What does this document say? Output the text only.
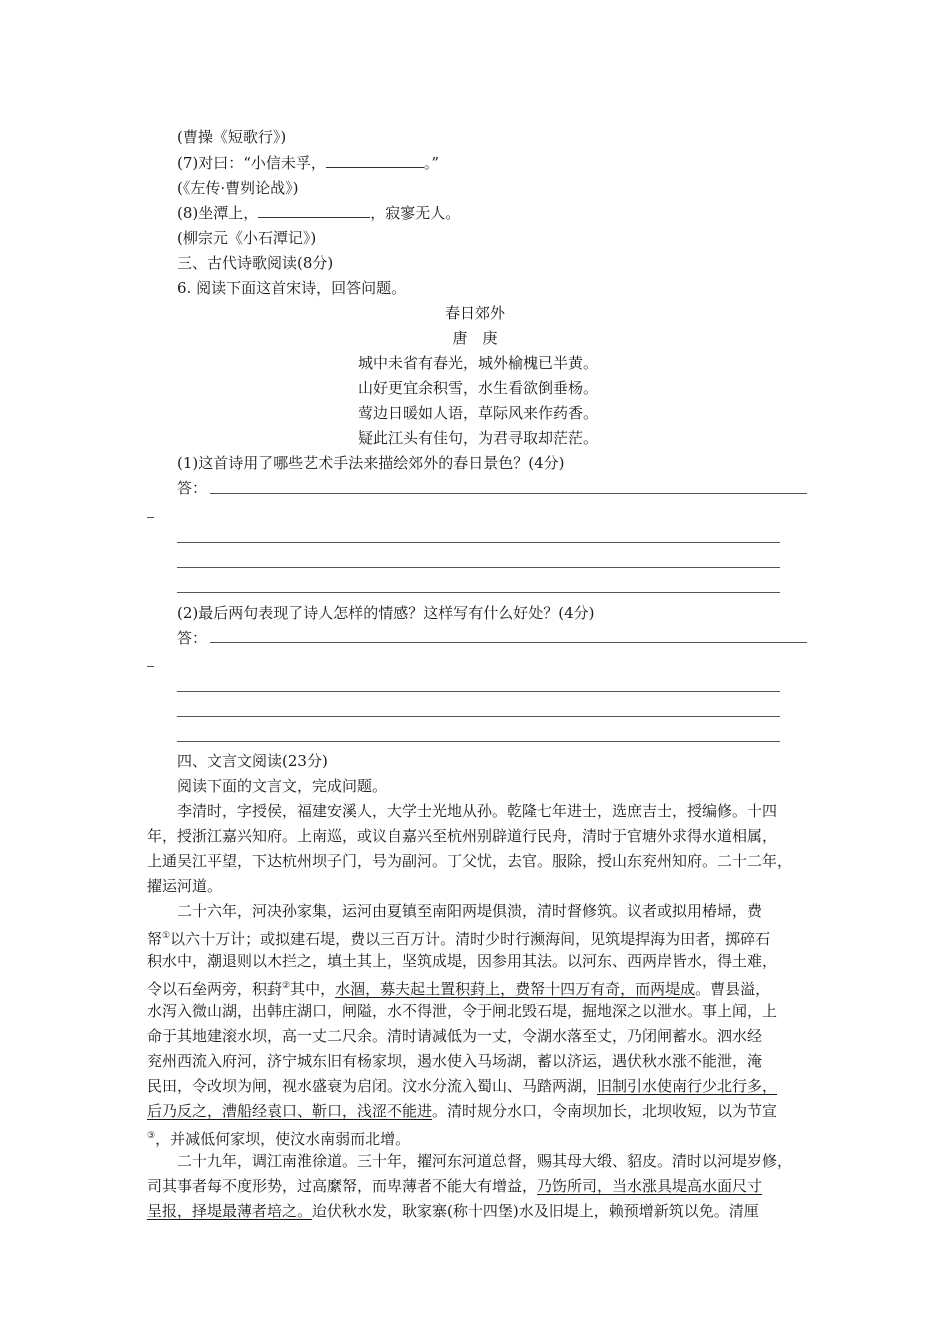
(曹操《短歌行》)
(7)对曰：“小信未孚，	。”
(《左传·曹刿论战》)
(8)坐潭上，	，寂寥无人。
(柳宗元《小石潭记》)
三、古代诗歌阅读(8分)
6. 阅读下面这首宋诗，回答问题。
春日郊外
唐　庚
城中未省有春光，城外榆槐已半黄。
山好更宜余积雪，水生看欲倒垂杨。
莺边日暖如人语，草际风来作药香。
疑此江头有佳句，为君寻取却茫茫。
(1)这首诗用了哪些艺术手法来描绘郊外的春日景色？(4分)
答：
(2)最后两句表现了诗人怎样的情感？这样写有什么好处？(4分)
答：
四、文言文阅读(23分)
阅读下面的文言文，完成问题。
李清时，字授侯，福建安溪人，大学士光地从孙。乾隆七年进士，选庶吉士，授编修。十四
年，授浙江嘉兴知府。上南巡，或议自嘉兴至杭州别辟道行民舟，清时于官塘外求得水道相属，
上通吴江平望，下达杭州坝子门，号为副河。丁父忧，去官。服除，授山东兖州知府。二十二年，
擢运河道。
二十六年，河决孙家集，运河由夏镇至南阳两堤俱溃，清时督修筑。议者或拟用椿埽，费
帑①以六十万计；或拟建石堤，费以三百万计。清时少时行濒海间，见筑堤捍海为田者，掷碎石
积水中，潮退则以木拦之，填土其上，坚筑成堤，因参用其法。以河东、西两岸皆水，得土难，
令以石垒两旁，积葑②其中，水涸，募夫起土置积葑上，费帑十四万有奇，而两堤成。曹县溢，
水泻入微山湖，出韩庄湖口，闸隘，水不得泄，令于闸北毁石堤，掘地深之以泄水。事上闻，上
命于其地建滚水坝，高一丈二尺余。清时请减低为一丈，令湖水落至丈，乃闭闸蓄水。泗水经
兖州西流入府河，济宁城东旧有杨家坝，遏水使入马场湖，蓄以济运，遇伏秋水涨不能泄，淹
民田，令改坝为闸，视水盛衰为启闭。汶水分流入蜀山、马踏两湖，旧制引水使南行少北行多，
后乃反之，漕船经袁口、靳口，浅涩不能进。清时规分水口，令南坝加长，北坝收短，以为节宣
③，并减低何家坝，使汶水南弱而北增。
二十九年，调江南淮徐道。三十年，擢河东河道总督，赐其母大缎、貂皮。清时以河堤岁修，
司其事者每不度形势，过高縻帑，而卑薄者不能大有增益，乃饬所司，当水涨具堤高水面尺寸
呈报，择堤最薄者培之。迨伏秋水发，耿家寨(称十四堡)水及旧堤上，赖预增新筑以免。清厘
